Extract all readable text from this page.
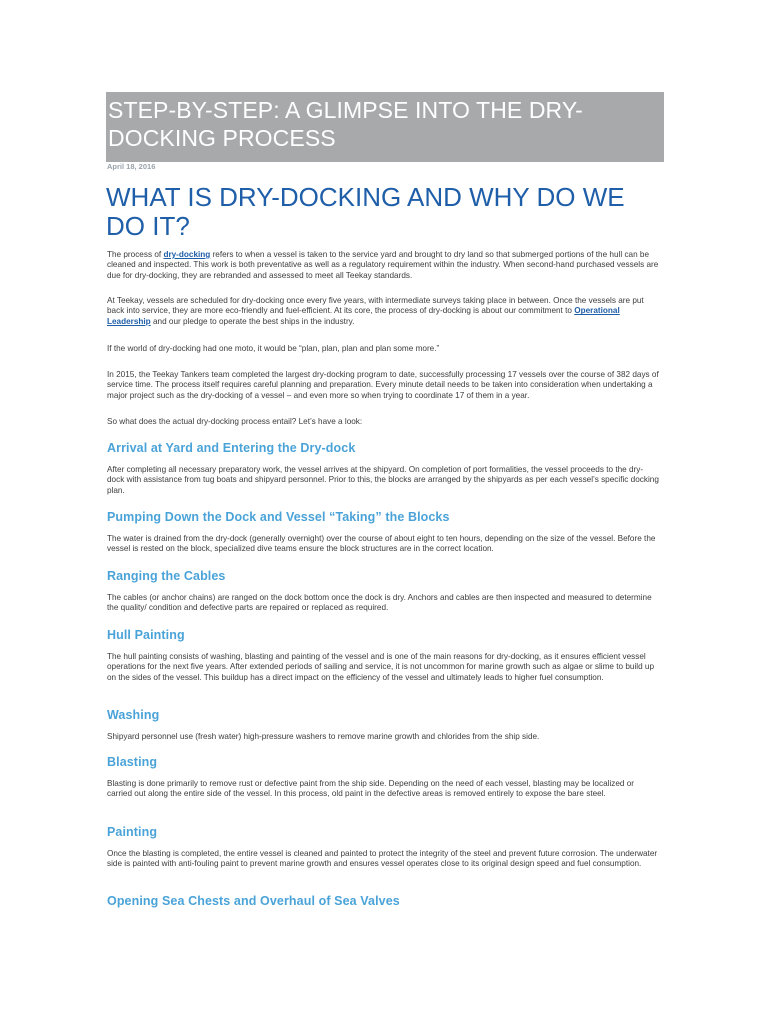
STEP-BY-STEP: A GLIMPSE INTO THE DRY-DOCKING PROCESS
April 18, 2016
WHAT IS DRY-DOCKING AND WHY DO WE DO IT?

The process of dry-docking refers to when a vessel is taken to the service yard and brought to dry land so that submerged portions of the hull can be cleaned and inspected. This work is both preventative as well as a regulatory requirement within the industry. When second-hand purchased vessels are due for dry-docking, they are rebranded and assessed to meet all Teekay standards.

At Teekay, vessels are scheduled for dry-docking once every five years, with intermediate surveys taking place in between. Once the vessels are put back into service, they are more eco-friendly and fuel-efficient. At its core, the process of dry-docking is about our commitment to Operational Leadership and our pledge to operate the best ships in the industry.

If the world of dry-docking had one moto, it would be “plan, plan, plan and plan some more.”

In 2015, the Teekay Tankers team completed the largest dry-docking program to date, successfully processing 17 vessels over the course of 382 days of service time. The process itself requires careful planning and preparation. Every minute detail needs to be taken into consideration when undertaking a major project such as the dry-docking of a vessel – and even more so when trying to coordinate 17 of them in a year.

So what does the actual dry-docking process entail? Let’s have a look:

Arrival at Yard and Entering the Dry-dock

After completing all necessary preparatory work, the vessel arrives at the shipyard. On completion of port formalities, the vessel proceeds to the dry-dock with assistance from tug boats and shipyard personnel. Prior to this, the blocks are arranged by the shipyards as per each vessel’s specific docking plan.

Pumping Down the Dock and Vessel “Taking” the Blocks

The water is drained from the dry-dock (generally overnight) over the course of about eight to ten hours, depending on the size of the vessel. Before the vessel is rested on the block, specialized dive teams ensure the block structures are in the correct location.

Ranging the Cables

The cables (or anchor chains) are ranged on the dock bottom once the dock is dry. Anchors and cables are then inspected and measured to determine the quality/ condition and defective parts are repaired or replaced as required.

Hull Painting

The hull painting consists of washing, blasting and painting of the vessel and is one of the main reasons for dry-docking, as it ensures efficient vessel operations for the next five years. After extended periods of sailing and service, it is not uncommon for marine growth such as algae or slime to build up on the sides of the vessel. This buildup has a direct impact on the efficiency of the vessel and ultimately leads to higher fuel consumption.

Washing

Shipyard personnel use (fresh water) high-pressure washers to remove marine growth and chlorides from the ship side.

Blasting

Blasting is done primarily to remove rust or defective paint from the ship side. Depending on the need of each vessel, blasting may be localized or carried out along the entire side of the vessel. In this process, old paint in the defective areas is removed entirely to expose the bare steel.

Painting

Once the blasting is completed, the entire vessel is cleaned and painted to protect the integrity of the steel and prevent future corrosion. The underwater side is painted with anti-fouling paint to prevent marine growth and ensures vessel operates close to its original design speed and fuel consumption.

Opening Sea Chests and Overhaul of Sea Valves
